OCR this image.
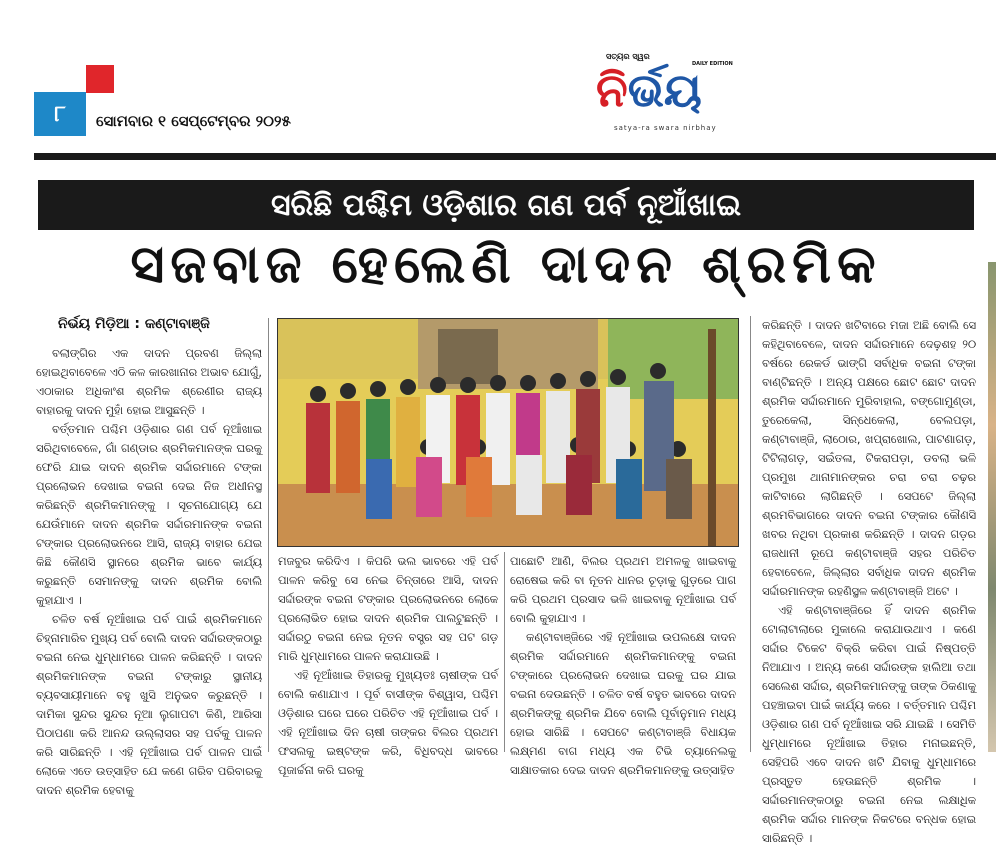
୮ ସୋମବାର ୧ ସେପ୍ଟେମ୍ବର ୨୦୨୫
ସତ୍ୟର ସ୍ୱର
DAILY EDITION
ନିର୍ଭୟ
satya-ra swara nirbhay
ସରିଛି ପଶ୍ଚିମ ଓଡ଼ିଶାର ଗଣ ପର୍ବ ନୂଆଁଖାଇ
ସଜବାଜ ହେଲେଣି ଦାଦନ ଶ୍ରମିକ
ନିର୍ଭୟ ମିଡ଼ିଆ : କଣ୍ଟାବାଞ୍ଜି

ବଲାଙ୍ଗିର ଏକ ଦାଦନ ପ୍ରବଣ ଜିଲ୍ଲା ହୋଇଥିବାବେଳେ ଏଠି କଳ କାରଖାନାର ଅଭାବ ଯୋଗୁଁ, ଏଠାକାର ଅଧିକାଂଶ ଶ୍ରମିକ ଶ୍ରେଣୀର ରାଜ୍ୟ ବାହାରକୁ ଦାଦନ ମୁହାଁ ହୋଇ ଆସୁଛନ୍ତି ।

ବର୍ତ୍ତମାନ ପଶ୍ଚିମ ଓଡ଼ିଶାର ଗଣ ପର୍ବ ନୂଆଁଖାଇ ସରିଥିବାବେଳେ, ଗାଁ ଗଣ୍ଡାର ଶ୍ରମିକମାନଙ୍କ ଘରକୁ ଫେରି ଯାଇ ଦାଦନ ଶ୍ରମିକ ସର୍ଦ୍ଦାରମାନେ ଟଙ୍କା ପ୍ରଲୋଭନ ଦେଖାଇ ବଇନା ଦେଇ ନିଜ ଅଧୀନସ୍ଥ କରିଛନ୍ତି ଶ୍ରମିକମାନଙ୍କୁ । ସୂଚନାଯୋଗ୍ୟ ଯେ ଯେଉଁମାନେ ଦାଦନ ଶ୍ରମିକ ସର୍ଦ୍ଦାରମାନଙ୍କ ବଇନା ଟଙ୍କାର ପ୍ରଲୋଭନରେ ଆସି, ରାଜ୍ୟ ବାହାର ଯେଇ କିଛି କୌଣସି ସ୍ଥାନରେ ଶ୍ରମିକ ଭାବେ କାର୍ଯ୍ୟ କରୁଛନ୍ତି ସେମାନଙ୍କୁ ଦାଦନ ଶ୍ରମିକ ବୋଲି କୁହାଯାଏ ।

ଚଳିତ ବର୍ଷ ନୂଆଁଖାଇ ପର୍ବ ପାଇଁ ଶ୍ରମିକମାନେ ଚିହ୍ନାମାରିବ ମୁଖ୍ୟ ପର୍ବ ବୋଲି ଦାଦନ ସର୍ଦ୍ଦାରଙ୍କଠାରୁ ବଇନା ନେଇ ଧୁମ୍‌ଧାମରେ ପାଳନ କରିଛନ୍ତି । ଦାଦନ ଶ୍ରମିକମାନଙ୍କ ବଇନା ଟଙ୍କାରୁ ସ୍ଥାନୀୟ ବ୍ୟବସାୟୀମାନେ ବହୁ ଖୁସି ଅନୁଭବ କରୁଛନ୍ତି । ଦାମିକା ସୁନ୍ଦର ସୁନ୍ଦର ନୂଆ ଲୁଗାପଟା କିଣି, ଆରିସା ପିଠାପଣା କରି ଆନନ୍ଦ ଉଲ୍ଲାସର ସହ ପର୍ବକୁ ପାଳନ କରି ସାରିଛନ୍ତି । ଏହି ନୂଆଁଖାଇ ପର୍ବ ପାଳନ ପାଇଁ ଲୋକେ ଏତେ ଉତ୍ସାହିତ ଯେ କଣେ ଗରିବ ପରିବାରକୁ ଦାଦନ ଶ୍ରମିକ ହେବାକୁ

ମଜବୁର କରିଦିଏ । କିପରି ଭଲ ଭାବରେ ଏହି ପର୍ବ ପାଳନ କରିବୁ ସେ ନେଇ ଚିନ୍ତାରେ ଆସି, ଦାଦନ ସର୍ଦ୍ଦାରଙ୍କ ବଇନା ଟଙ୍କାର ପ୍ରଲୋଭନରେ ଲୋକେ ପ୍ରଲୋଭିତ ହୋଇ ଦାଦନ ଶ୍ରମିକ ପାଲଟୁଛନ୍ତି । ସର୍ଦ୍ଦାରଠୁ ବଇନା ନେଇ ନୂତନ ବସ୍ତ୍ର ସହ ପଟ ଗଡ଼ ମାରି ଧୁମ୍‌ଧାମରେ ପାଳନ କରାଯାଉଛି ।

ଏହି ନୂଆଁଖାଇ ତିହାରକୁ ମୁଖ୍ୟତଃ ଚାଷୀଙ୍କ ପର୍ବ ବୋଲି କଣାଯାଏ । ପୂର୍ବ ବାସୀଙ୍କ ବିଶ୍ୱାସ, ପଶ୍ଚିମ ଓଡ଼ିଶାର ଘରେ ଘରେ ପରିଚିତ ଏହି ନୂଆଁଖାଇ ପର୍ବ । ଏହି ନୂଆଁଖାଇ ଦିନ ଚାଷୀ ତାଙ୍କର ବିଲର ପ୍ରଥମ ଫସଲକୁ ଇଷ୍ଟଙ୍କ କରି, ବିଧିବଦ୍ଧ ଭାବରେ ପୂଜାର୍ଚ୍ଚନା କରି ଘରକୁ

ପାଛୋଟି ଆଣି, ବିଲର ପ୍ରଥମ ଅମଳକୁ ଖାଇବାକୁ ରୋଷେଇ କରି ବା ନୂତନ ଧାନର ଚୂଡ଼ାକୁ ଗୁଡ଼ରେ ପାଗ କରି ପ୍ରଥମ ପ୍ରସାଦ ଭଳି ଖାଇବାକୁ ନୂଆଁଖାଇ ପର୍ବ ବୋଲି କୁହାଯାଏ ।

କଣ୍ଟାବାଞ୍ଜିରେ ଏହି ନୂଆଁଖାଇ ଉପଲକ୍ଷେ ଦାଦନ ଶ୍ରମିକ ସର୍ଦ୍ଦାରମାନେ ଶ୍ରମିକମାନଙ୍କୁ ବଇନା ଟଙ୍କାରେ ପ୍ରଲୋଭନ ଦେଖାଇ ଘରକୁ ଘର ଯାଇ ବଇନା ଦେଉଛନ୍ତି । ଚଳିତ ବର୍ଷ ବହୁତ ଭାବରେ ଦାଦନ ଶ୍ରମିକଙ୍କୁ ଶ୍ରମିକ ଯିବେ ବୋଲି ପୂର୍ବାନୁମାନ ମଧ୍ୟ ହୋଇ ସାରିଛି । ସେପଟେ କଣ୍ଟାବାଞ୍ଜି ବିଧାୟକ ଲକ୍ଷ୍ମଣ ବାଗ ମଧ୍ୟ ଏକ ଟିଭି ଚ୍ୟାନେଲକୁ ସାକ୍ଷାତକାର ଦେଇ ଦାଦନ ଶ୍ରମିକମାନଙ୍କୁ ଉତ୍ସାହିତ

କରିଛନ୍ତି । ଦାଦନ ଖଟିବାରେ ମଜା ଅଛି ବୋଲି ସେ କହିଥିବାବେଳେ, ଦାଦନ ସର୍ଦ୍ଦାରମାନେ ଦେଢ଼ଶହ ୨୦ ବର୍ଷରେ ରେକର୍ଡ ଭାଙ୍ଗି ସର୍ବାଧିକ ବଇନା ଟଙ୍କା ବାଣ୍ଟିଛନ୍ତି । ଅନ୍ୟ ପକ୍ଷରେ ଛୋଟ ଛୋଟ ଦାଦନ ଶ୍ରମିକ ସର୍ଦ୍ଦାରମାନେ ମୁରିବାହାଲ, ବଙ୍ଗୋମୁଣ୍ଡା, ତୁରେକେଲା, ସିନ୍ଧେକେଲା, ବେଲପଡ଼ା, କଣ୍ଟାବାଞ୍ଜି, ଲାଠୋର, ଖପ୍ରାଖୋଲ, ପାଟଣାଗଡ଼, ଟିଟିଲାଗଡ଼, ସଇଁତଳା, ଟିକରାପଡ଼ା, ଡବଲା ଭଳି ପ୍ରମୁଖ ଥାନାମାନଙ୍କର ଚରା ଚରା ଚଢ଼ର କାଟିବାରେ ଲାଗିଛନ୍ତି । ସେପଟେ ଜିଲ୍ଲା ଶ୍ରମବିଭାଗରେ ଦାଦନ ବଇନା ଟଙ୍କାର କୌଣସି ଖବର ନଥିବା ପ୍ରକାଶ କରିଛନ୍ତି । ଦାଦନ ଗଡ଼ର ରାଜଧାନୀ ରୂପେ କଣ୍ଟାବାଞ୍ଜି ସହର ପରିଚିତ ହେବାବେଳେ, ଜିଲ୍ଲାର ସର୍ବାଧିକ ଦାଦନ ଶ୍ରମିକ ସର୍ଦ୍ଦାରମାନଙ୍କ ରହଣିସ୍ଥଳ କଣ୍ଟାବାଞ୍ଜି ଅଟେ ।

ଏହି କଣ୍ଟାବାଞ୍ଜିରେ ହିଁ ଦାଦନ ଶ୍ରମିକ ଟୋଲାଟାଲାରେ ମୁକାଲେ କରାଯାଉଥାଏ । କଣେ ସର୍ଦ୍ଦାର ଟିକେଟ ବିକ୍ରି କରିବା ପାଇଁ ନିଷ୍ପତ୍ତି ନିଆଯାଏ । ଅନ୍ୟ କଣେ ସର୍ଦ୍ଦାରଙ୍କ ହାଲିଆ ତଥା ସେଲେଶ ସର୍ଦ୍ଦାର, ଶ୍ରମିକମାନଙ୍କୁ ତାଙ୍କ ଠିକଣାକୁ ପହଞ୍ଚାଇବା ପାଇଁ କାର୍ଯ୍ୟ କରେ । ବର୍ତ୍ତମାନ ପଶ୍ଚିମ ଓଡ଼ିଶାର ଗଣ ପର୍ବ ନୂଆଁଖାଇ ସରି ଯାଇଛି । ସେମିତି ଧୁମ୍‌ଧାମରେ ନୂଆଁଖାଇ ତିହାର ମନାଇଛନ୍ତି, ସେହିପରି ଏବେ ଦାଦନ ଖଟି ଯିବାକୁ ଧୁମ୍‌ଧାମରେ ପ୍ରସ୍ତୁତ ହେଉଛନ୍ତି ଶ୍ରମିକ । ସର୍ଦ୍ଦାରମାନଙ୍କଠାରୁ ବଇନା ନେଇ ଲକ୍ଷାଧିକ ଶ୍ରମିକ ସର୍ଦ୍ଦାର ମାନଙ୍କ ନିକଟରେ ବନ୍ଧକ ହୋଇ ସାରିଛନ୍ତି ।
